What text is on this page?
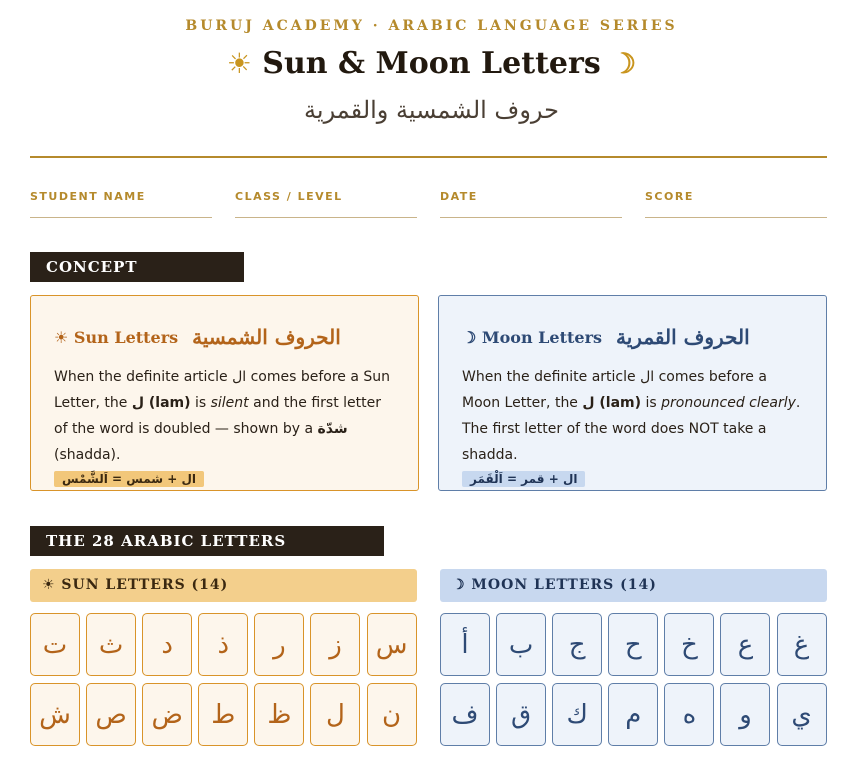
BURUJ ACADEMY · ARABIC LANGUAGE SERIES
☀ Sun & Moon Letters ☽
حروف الشمسية والقمرية
STUDENT NAME	CLASS / LEVEL	DATE	SCORE
CONCEPT
☀ Sun Letters الحروف الشمسية
When the definite article ال comes before a Sun Letter, the ل (lam) is silent and the first letter of the word is doubled — shown by a شدّة (shadda).
ال + شمس = اَلشَّمْس
☽ Moon Letters الحروف القمرية
When the definite article ال comes before a Moon Letter, the ل (lam) is pronounced clearly. The first letter of the word does NOT take a shadda.
ال + قمر = اَلْقَمَر
THE 28 ARABIC LETTERS
☀ SUN LETTERS (14)	☽ MOON LETTERS (14)
ت	ث	د	ذ	ر	ز	س
ش ص ض	ط	ظ	ل	ن
أ	ب	ج	ح	خ	ع	غ
ف	ق	ك	م	ه	و	ي
